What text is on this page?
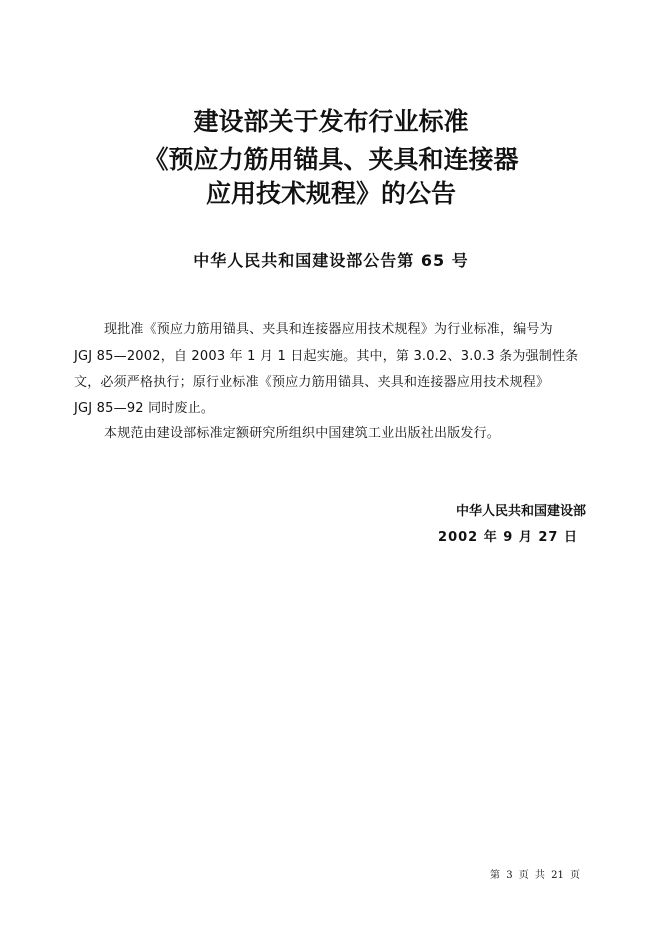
建设部关于发布行业标准
《预应力筋用锚具、夹具和连接器
应用技术规程》的公告
中华人民共和国建设部公告第 65 号
现批准《预应力筋用锚具、夹具和连接器应用技术规程》为行业标准，编号为
JGJ 85—2002，自 2003 年 1 月 1 日起实施。其中，第 3.0.2、3.0.3 条为强制性条
文，必须严格执行；原行业标准《预应力筋用锚具、夹具和连接器应用技术规程》
JGJ 85—92 同时废止。
本规范由建设部标准定额研究所组织中国建筑工业出版社出版发行。
中华人民共和国建设部
2002 年 9 月 27 日
第 3 页 共 21 页
